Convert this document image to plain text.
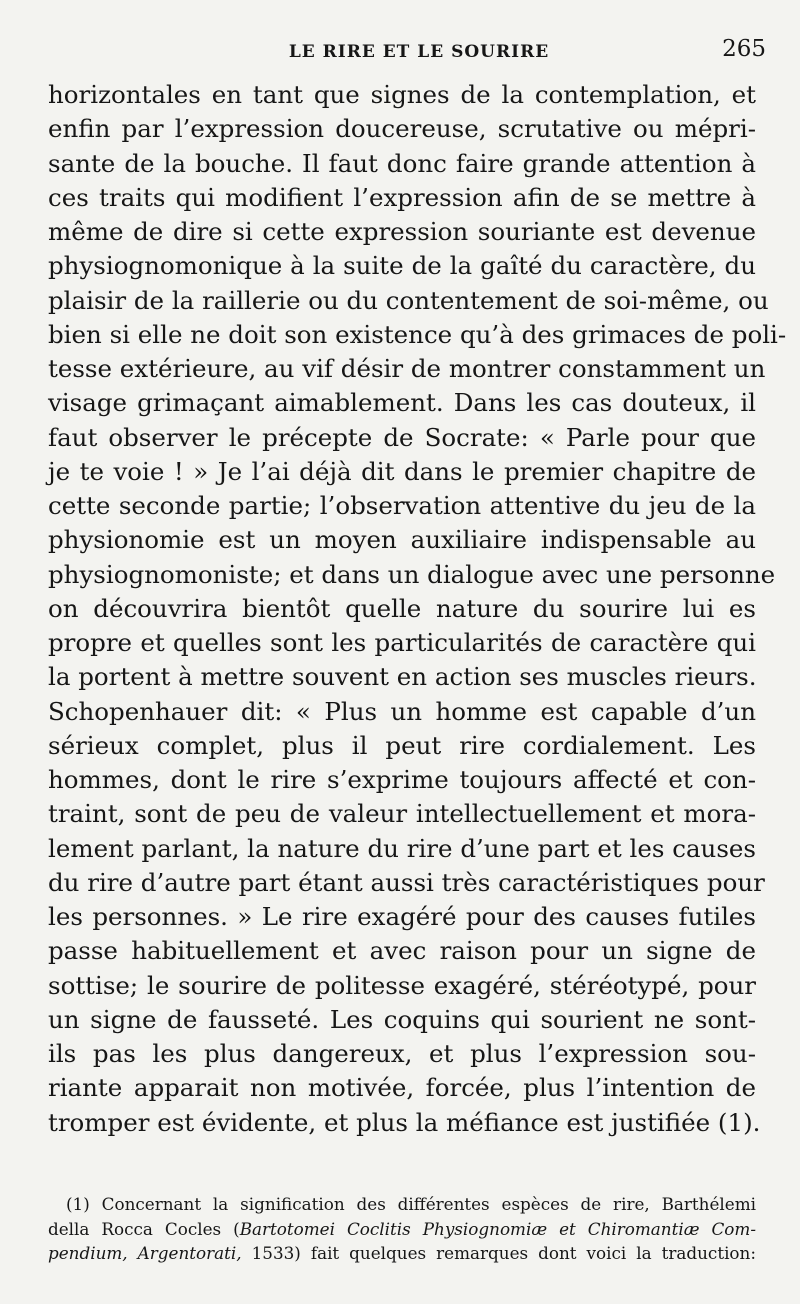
LE RIRE ET LE SOURIRE	265
horizontales en tant que signes de la contemplation, et
enfin par l’expression doucereuse, scrutative ou mépri-
sante de la bouche. Il faut donc faire grande attention à
ces traits qui modifient l’expression afin de se mettre à
même de dire si cette expression souriante est devenue
physiognomonique à la suite de la gaîté du caractère, du
plaisir de la raillerie ou du contentement de soi-même, ou
bien si elle ne doit son existence qu’à des grimaces de poli-
tesse extérieure, au vif désir de montrer constamment un
visage grimaçant aimablement. Dans les cas douteux, il
faut observer le précepte de Socrate: « Parle pour que
je te voie ! » Je l’ai déjà dit dans le premier chapitre de
cette seconde partie; l’observation attentive du jeu de la
physionomie est un moyen auxiliaire indispensable au
physiognomoniste; et dans un dialogue avec une personne
on découvrira bientôt quelle nature du sourire lui es
propre et quelles sont les particularités de caractère qui
la portent à mettre souvent en action ses muscles rieurs.
Schopenhauer dit: « Plus un homme est capable d’un
sérieux complet, plus il peut rire cordialement. Les
hommes, dont le rire s’exprime toujours affecté et con-
traint, sont de peu de valeur intellectuellement et mora-
lement parlant, la nature du rire d’une part et les causes
du rire d’autre part étant aussi très caractéristiques pour
les personnes. » Le rire exagéré pour des causes futiles
passe habituellement et avec raison pour un signe de
sottise; le sourire de politesse exagéré, stéréotypé, pour
un signe de fausseté. Les coquins qui sourient ne sont-
ils pas les plus dangereux, et plus l’expression sou-
riante apparait non motivée, forcée, plus l’intention de
tromper est évidente, et plus la méfiance est justifiée (1).
(1) Concernant la signification des différentes espèces de rire, Barthélemi
della Rocca Cocles (Bartotomei Coclitis Physiognomiæ et Chiromantiæ Com-
pendium, Argentorati, 1533) fait quelques remarques dont voici la traduction:
